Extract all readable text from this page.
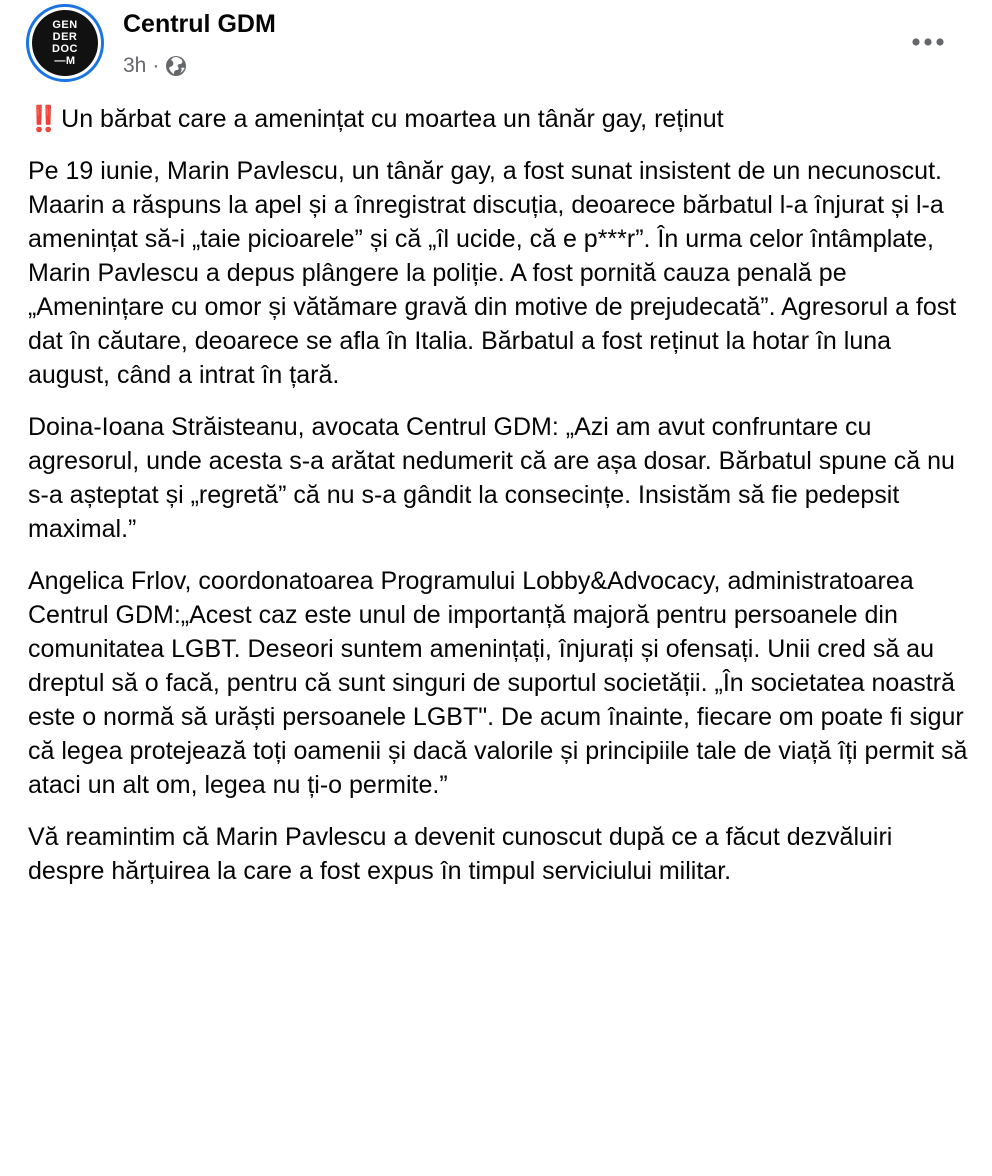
GEN
DER
DOC
—M
Centrul GDM
3h ·

‼️ Un bărbat care a amenințat cu moartea un tânăr gay, reținut

Pe 19 iunie, Marin Pavlescu, un tânăr gay, a fost sunat insistent de un necunoscut. Maarin a răspuns la apel și a înregistrat discuția, deoarece bărbatul l-a înjurat și l-a amenințat să-i „taie picioarele” și că „îl ucide, că e p***r”. În urma celor întâmplate, Marin Pavlescu a depus plângere la poliție. A fost pornită cauza penală pe „Amenințare cu omor și vătămare gravă din motive de prejudecată”. Agresorul a fost dat în căutare, deoarece se afla în Italia. Bărbatul a fost reținut la hotar în luna august, când a intrat în țară.

Doina-Ioana Străisteanu, avocata Centrul GDM: „Azi am avut confruntare cu agresorul, unde acesta s-a arătat nedumerit că are așa dosar. Bărbatul spune că nu s-a așteptat și „regretă” că nu s-a gândit la consecințe. Insistăm să fie pedepsit maximal.”

Angelica Frlov, coordonatoarea Programului Lobby&Advocacy, administratoarea Centrul GDM:„Acest caz este unul de importanță majoră pentru persoanele din comunitatea LGBT. Deseori suntem amenințați, înjurați și ofensați. Unii cred să au dreptul să o facă, pentru că sunt singuri de suportul societății. „În societatea noastră este o normă să urăști persoanele LGBT". De acum înainte, fiecare om poate fi sigur că legea protejează toți oamenii și dacă valorile și principiile tale de viață îți permit să ataci un alt om, legea nu ți-o permite.”

Vă reamintim că Marin Pavlescu a devenit cunoscut după ce a făcut dezvăluiri despre hărțuirea la care a fost expus în timpul serviciului militar.
